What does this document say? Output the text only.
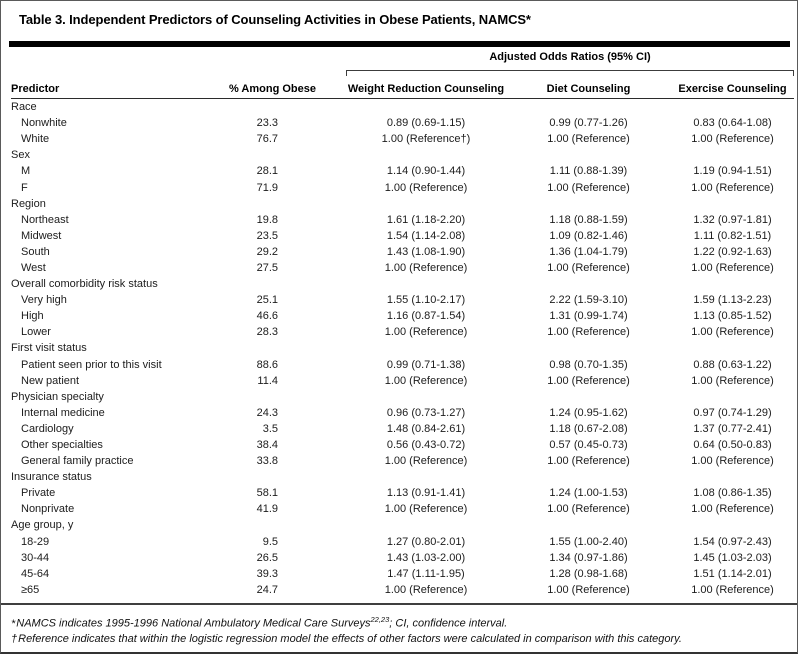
Table 3. Independent Predictors of Counseling Activities in Obese Patients, NAMCS*
Adjusted Odds Ratios (95% CI)
Predictor	% Among Obese	Weight Reduction Counseling	Diet Counseling	Exercise Counseling
Race				
Nonwhite	23.3	0.89 (0.69-1.15)	0.99 (0.77-1.26)	0.83 (0.64-1.08)
White	76.7	1.00 (Reference†)	1.00 (Reference)	1.00 (Reference)
Sex				
M	28.1	1.14 (0.90-1.44)	1.11 (0.88-1.39)	1.19 (0.94-1.51)
F	71.9	1.00 (Reference)	1.00 (Reference)	1.00 (Reference)
Region				
Northeast	19.8	1.61 (1.18-2.20)	1.18 (0.88-1.59)	1.32 (0.97-1.81)
Midwest	23.5	1.54 (1.14-2.08)	1.09 (0.82-1.46)	1.11 (0.82-1.51)
South	29.2	1.43 (1.08-1.90)	1.36 (1.04-1.79)	1.22 (0.92-1.63)
West	27.5	1.00 (Reference)	1.00 (Reference)	1.00 (Reference)
Overall comorbidity risk status				
Very high	25.1	1.55 (1.10-2.17)	2.22 (1.59-3.10)	1.59 (1.13-2.23)
High	46.6	1.16 (0.87-1.54)	1.31 (0.99-1.74)	1.13 (0.85-1.52)
Lower	28.3	1.00 (Reference)	1.00 (Reference)	1.00 (Reference)
First visit status				
Patient seen prior to this visit	88.6	0.99 (0.71-1.38)	0.98 (0.70-1.35)	0.88 (0.63-1.22)
New patient	11.4	1.00 (Reference)	1.00 (Reference)	1.00 (Reference)
Physician specialty				
Internal medicine	24.3	0.96 (0.73-1.27)	1.24 (0.95-1.62)	0.97 (0.74-1.29)
Cardiology	3.5	1.48 (0.84-2.61)	1.18 (0.67-2.08)	1.37 (0.77-2.41)
Other specialties	38.4	0.56 (0.43-0.72)	0.57 (0.45-0.73)	0.64 (0.50-0.83)
General family practice	33.8	1.00 (Reference)	1.00 (Reference)	1.00 (Reference)
Insurance status				
Private	58.1	1.13 (0.91-1.41)	1.24 (1.00-1.53)	1.08 (0.86-1.35)
Nonprivate	41.9	1.00 (Reference)	1.00 (Reference)	1.00 (Reference)
Age group, y				
18-29	9.5	1.27 (0.80-2.01)	1.55 (1.00-2.40)	1.54 (0.97-2.43)
30-44	26.5	1.43 (1.03-2.00)	1.34 (0.97-1.86)	1.45 (1.03-2.03)
45-64	39.3	1.47 (1.11-1.95)	1.28 (0.98-1.68)	1.51 (1.14-2.01)
≥65	24.7	1.00 (Reference)	1.00 (Reference)	1.00 (Reference)
*NAMCS indicates 1995-1996 National Ambulatory Medical Care Surveys$^{22,23}$; CI, confidence interval.
†Reference indicates that within the logistic regression model the effects of other factors were calculated in comparison with this category.
